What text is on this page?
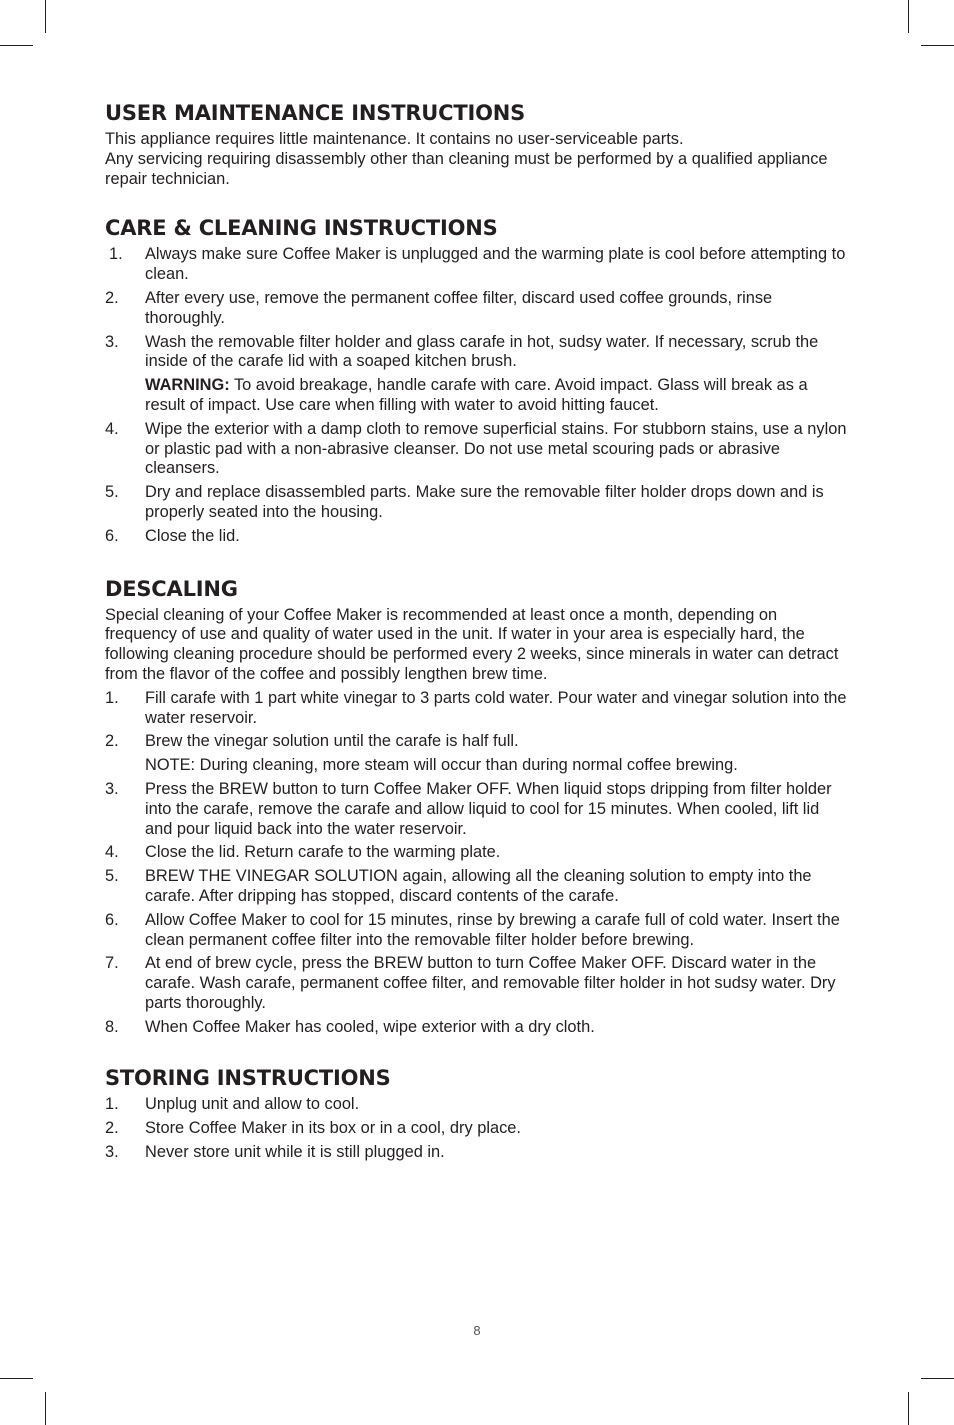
USER MAINTENANCE INSTRUCTIONS

This appliance requires little maintenance. It contains no user-serviceable parts.

Any servicing requiring disassembly other than cleaning must be performed by a qualified appliance repair technician.

CARE & CLEANING INSTRUCTIONS
1.	Always make sure Coffee Maker is unplugged and the warming plate is cool before attempting to clean.
2.	After every use, remove the permanent coffee filter, discard used coffee grounds, rinse thoroughly.
3.	Wash the removable filter holder and glass carafe in hot, sudsy water. If necessary, scrub the inside of the carafe lid with a soaped kitchen brush.
WARNING: To avoid breakage, handle carafe with care. Avoid impact. Glass will break as a result of impact. Use care when filling with water to avoid hitting faucet.
4.	Wipe the exterior with a damp cloth to remove superficial stains. For stubborn stains, use a nylon or plastic pad with a non-abrasive cleanser. Do not use metal scouring pads or abrasive cleansers.
5.	Dry and replace disassembled parts. Make sure the removable filter holder drops down and is properly seated into the housing.
6.	Close the lid.
DESCALING

Special cleaning of your Coffee Maker is recommended at least once a month, depending on frequency of use and quality of water used in the unit. If water in your area is especially hard, the following cleaning procedure should be performed every 2 weeks, since minerals in water can detract from the flavor of the coffee and possibly lengthen brew time.

1.	Fill carafe with 1 part white vinegar to 3 parts cold water. Pour water and vinegar solution into the water reservoir.
2.	Brew the vinegar solution until the carafe is half full.
NOTE: During cleaning, more steam will occur than during normal coffee brewing.
3.	Press the BREW button to turn Coffee Maker OFF. When liquid stops dripping from filter holder into the carafe, remove the carafe and allow liquid to cool for 15 minutes. When cooled, lift lid and pour liquid back into the water reservoir.
4.	Close the lid. Return carafe to the warming plate.
5.	BREW THE VINEGAR SOLUTION again, allowing all the cleaning solution to empty into the carafe. After dripping has stopped, discard contents of the carafe.
6.	Allow Coffee Maker to cool for 15 minutes, rinse by brewing a carafe full of cold water. Insert the clean permanent coffee filter into the removable filter holder before brewing.
7.	At end of brew cycle, press the BREW button to turn Coffee Maker OFF. Discard water in the carafe. Wash carafe, permanent coffee filter, and removable filter holder in hot sudsy water. Dry parts thoroughly.
8.	When Coffee Maker has cooled, wipe exterior with a dry cloth.
STORING INSTRUCTIONS
1.	Unplug unit and allow to cool.
2.	Store Coffee Maker in its box or in a cool, dry place.
3.	Never store unit while it is still plugged in.
8
